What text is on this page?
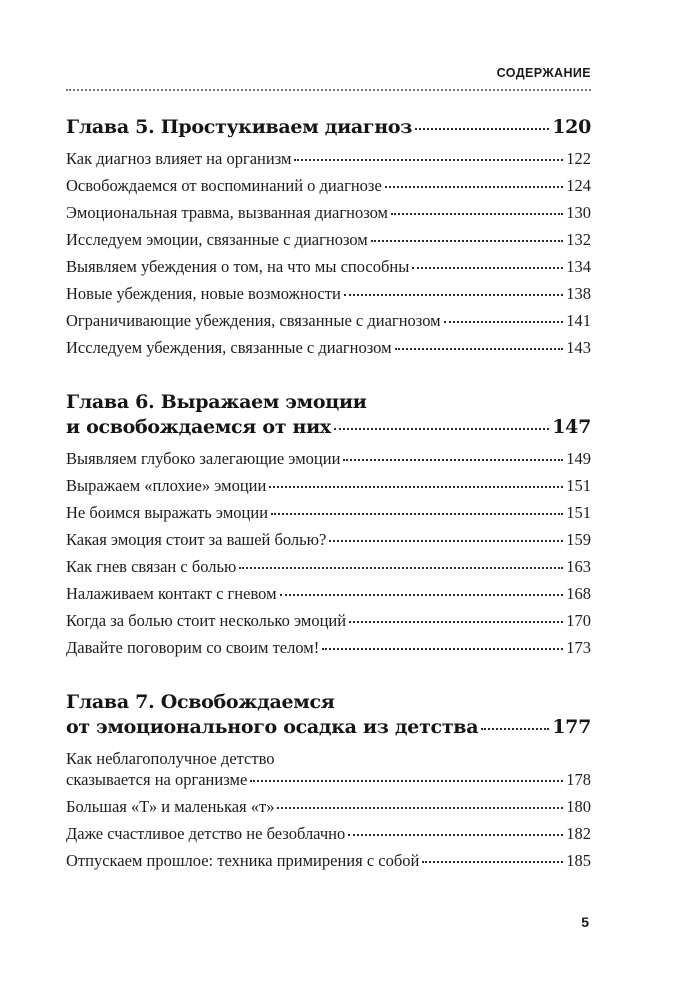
СОДЕРЖАНИЕ
Глава 5. Простукиваем диагноз	120
Как диагноз влияет на организм	122
Освобождаемся от воспоминаний о диагнозе	124
Эмоциональная травма, вызванная диагнозом	130
Исследуем эмоции, связанные с диагнозом	132
Выявляем убеждения о том, на что мы способны	134
Новые убеждения, новые возможности	138
Ограничивающие убеждения, связанные с диагнозом	141
Исследуем убеждения, связанные с диагнозом	143
Глава 6. Выражаем эмоции
и освобождаемся от них	147
Выявляем глубоко залегающие эмоции	149
Выражаем «плохие» эмоции	151
Не боимся выражать эмоции	151
Какая эмоция стоит за вашей болью?	159
Как гнев связан с болью	163
Налаживаем контакт с гневом	168
Когда за болью стоит несколько эмоций	170
Давайте поговорим со своим телом!	173
Глава 7. Освобождаемся
от эмоционального осадка из детства	177
Как неблагополучное детство
сказывается на организме	178
Большая «Т» и маленькая «т»	180
Даже счастливое детство не безоблачно	182
Отпускаем прошлое: техника примирения с собой	185
5
